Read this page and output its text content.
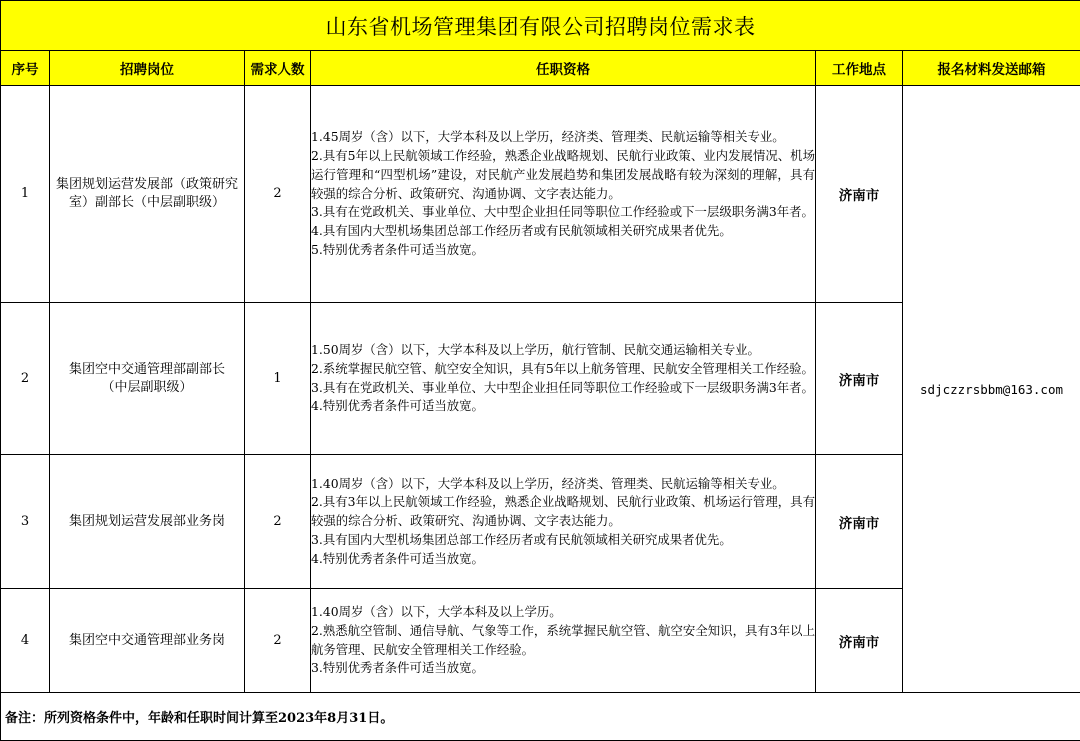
山东省机场管理集团有限公司招聘岗位需求表					
序号	招聘岗位	需求人数	任职资格	工作地点	报名材料发送邮箱
1	集团规划运营发展部（政策研究室）副部长（中层副职级）	2	1.45周岁（含）以下，大学本科及以上学历，经济类、管理类、民航运输等相关专业。
2.具有5年以上民航领域工作经验，熟悉企业战略规划、民航行业政策、业内发展情况、机场运行管理和“四型机场”建设，对民航产业发展趋势和集团发展战略有较为深刻的理解，具有较强的综合分析、政策研究、沟通协调、文字表达能力。
3.具有在党政机关、事业单位、大中型企业担任同等职位工作经验或下一层级职务满3年者。
4.具有国内大型机场集团总部工作经历者或有民航领域相关研究成果者优先。
5.特别优秀者条件可适当放宽。	济南市	sdjczzrsbbm@163.com
2	集团空中交通管理部副部长（中层副职级）	1	1.50周岁（含）以下，大学本科及以上学历，航行管制、民航交通运输相关专业。
2.系统掌握民航空管、航空安全知识，具有5年以上航务管理、民航安全管理相关工作经验。
3.具有在党政机关、事业单位、大中型企业担任同等职位工作经验或下一层级职务满3年者。
4.特别优秀者条件可适当放宽。	济南市	
3	集团规划运营发展部业务岗	2	1.40周岁（含）以下，大学本科及以上学历，经济类、管理类、民航运输等相关专业。
2.具有3年以上民航领域工作经验，熟悉企业战略规划、民航行业政策、机场运行管理，具有较强的综合分析、政策研究、沟通协调、文字表达能力。
3.具有国内大型机场集团总部工作经历者或有民航领域相关研究成果者优先。
4.特别优秀者条件可适当放宽。	济南市	
4	集团空中交通管理部业务岗	2	1.40周岁（含）以下，大学本科及以上学历。
2.熟悉航空管制、通信导航、气象等工作，系统掌握民航空管、航空安全知识，具有3年以上航务管理、民航安全管理相关工作经验。
3.特别优秀者条件可适当放宽。	济南市	
备注：所列资格条件中，年龄和任职时间计算至2023年8月31日。					
